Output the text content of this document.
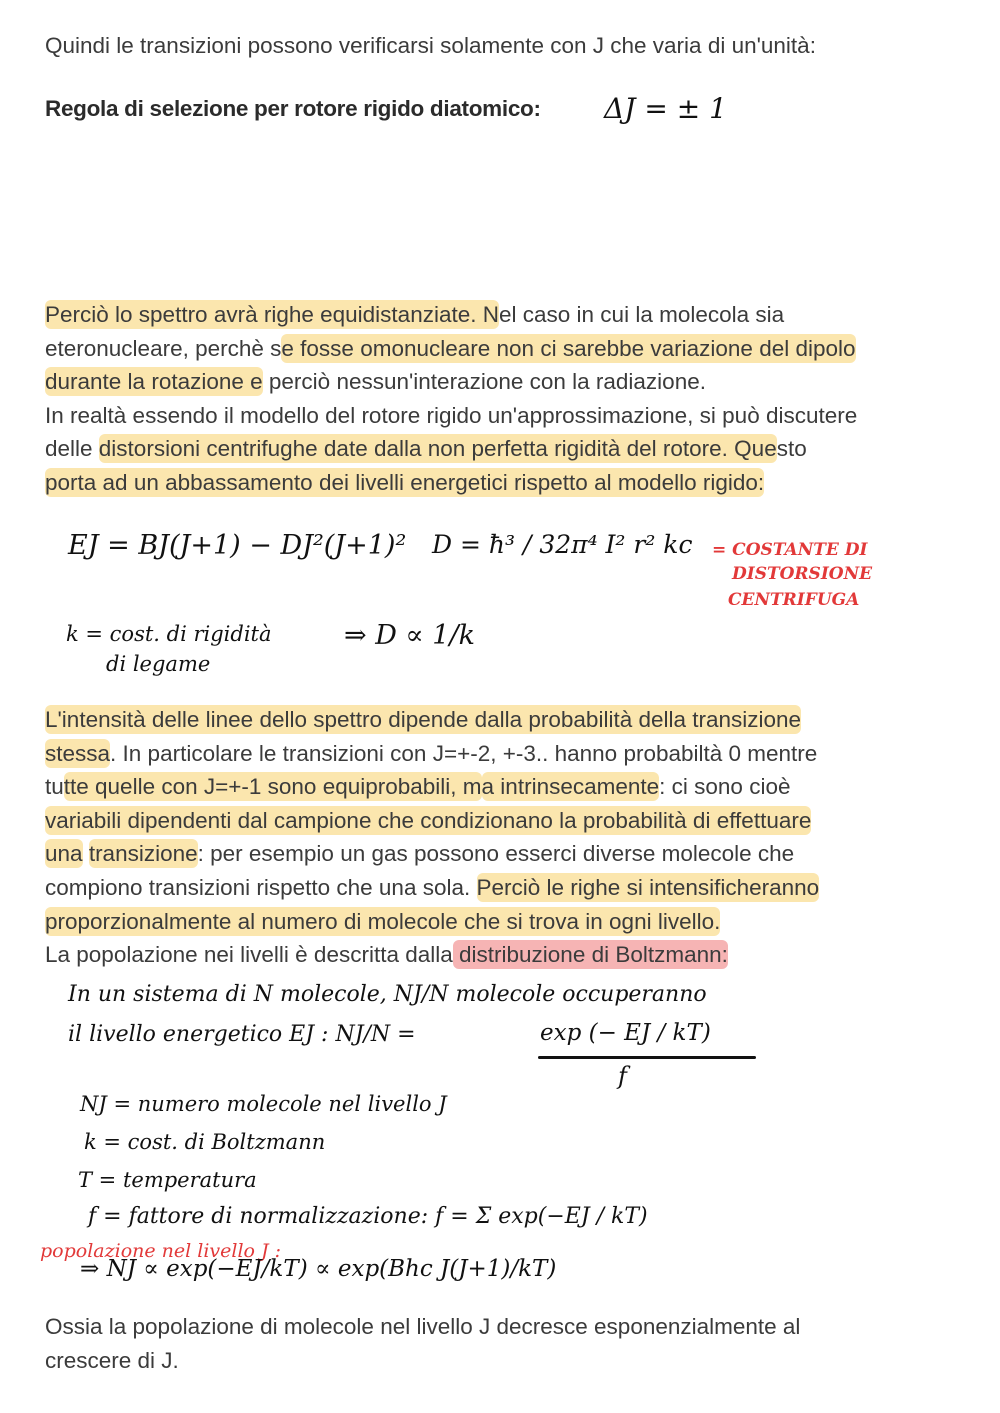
Quindi le transizioni possono verificarsi solamente con J che varia di un'unità:

Regola di selezione per rotore rigido diatomico: ΔJ = ± 1
Perciò lo spettro avrà righe equidistanziate. Nel caso in cui la molecola sia
eteronucleare, perchè se fosse omonucleare non ci sarebbe variazione del dipolo
durante la rotazione e perciò nessun'interazione con la radiazione.
In realtà essendo il modello del rotore rigido un'approssimazione, si può discutere
delle distorsioni centrifughe date dalla non perfetta rigidità del rotore. Questo
porta ad un abbassamento dei livelli energetici rispetto al modello rigido:
EJ = BJ(J+1) − DJ²(J+1)² D = ħ³ / 32π⁴ I² r² kc = COSTANTE DI
DISTORSIONE
CENTRIFUGA
k = cost. di rigidità
di legame
⇒ D ∝ 1/k
L'intensità delle linee dello spettro dipende dalla probabilità della transizione
stessa. In particolare le transizioni con J=+-2, +-3.. hanno probabiltà 0 mentre
tutte quelle con J=+-1 sono equiprobabili, ma intrinsecamente: ci sono cioè
variabili dipendenti dal campione che condizionano la probabilità di effettuare
una transizione: per esempio un gas possono esserci diverse molecole che
compiono transizioni rispetto che una sola. Perciò le righe si intensificheranno
proporzionalmente al numero di molecole che si trova in ogni livello.
La popolazione nei livelli è descritta dalla distribuzione di Boltzmann:
In un sistema di N molecole, NJ/N molecole occuperanno
il livello energetico EJ : NJ/N =	exp (− EJ / kT)
f
NJ = numero molecole nel livello J
k = cost. di Boltzmann
T = temperatura
f = fattore di normalizzazione: f = Σ exp(−EJ / kT)
popolazione nel livello J :
⇒ NJ ∝ exp(−EJ/kT) ∝ exp(Bhc J(J+1)/kT)
Ossia la popolazione di molecole nel livello J decresce esponenzialmente al
crescere di J.
